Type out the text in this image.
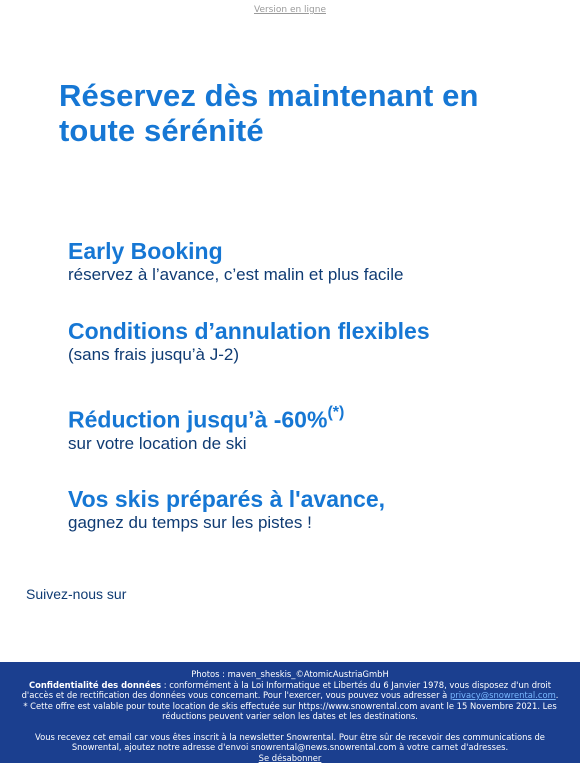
Version en ligne
Réservez dès maintenant en toute sérénité
Early Booking
réservez à l’avance, c’est malin et plus facile
Conditions d’annulation flexibles
(sans frais jusqu’à J-2)
Réduction jusqu’à -60%(*)
sur votre location de ski
Vos skis préparés à l'avance,
gagnez du temps sur les pistes !
Suivez-nous sur
Photos : maven_sheskis_©AtomicAustriaGmbH
Confidentialité des données : conformément à la Loi Informatique et Libertés du 6 Janvier 1978, vous disposez d'un droit d'accès et de rectification des données vous concernant. Pour l'exercer, vous pouvez vous adresser à privacy@snowrental.com.
* Cette offre est valable pour toute location de skis effectuée sur https://www.snowrental.com avant le 15 Novembre 2021. Les réductions peuvent varier selon les dates et les destinations.
Vous recevez cet email car vous êtes inscrit à la newsletter Snowrental. Pour être sûr de recevoir des communications de Snowrental, ajoutez notre adresse d'envoi snowrental@news.snowrental.com à votre carnet d'adresses.
Se désabonner
